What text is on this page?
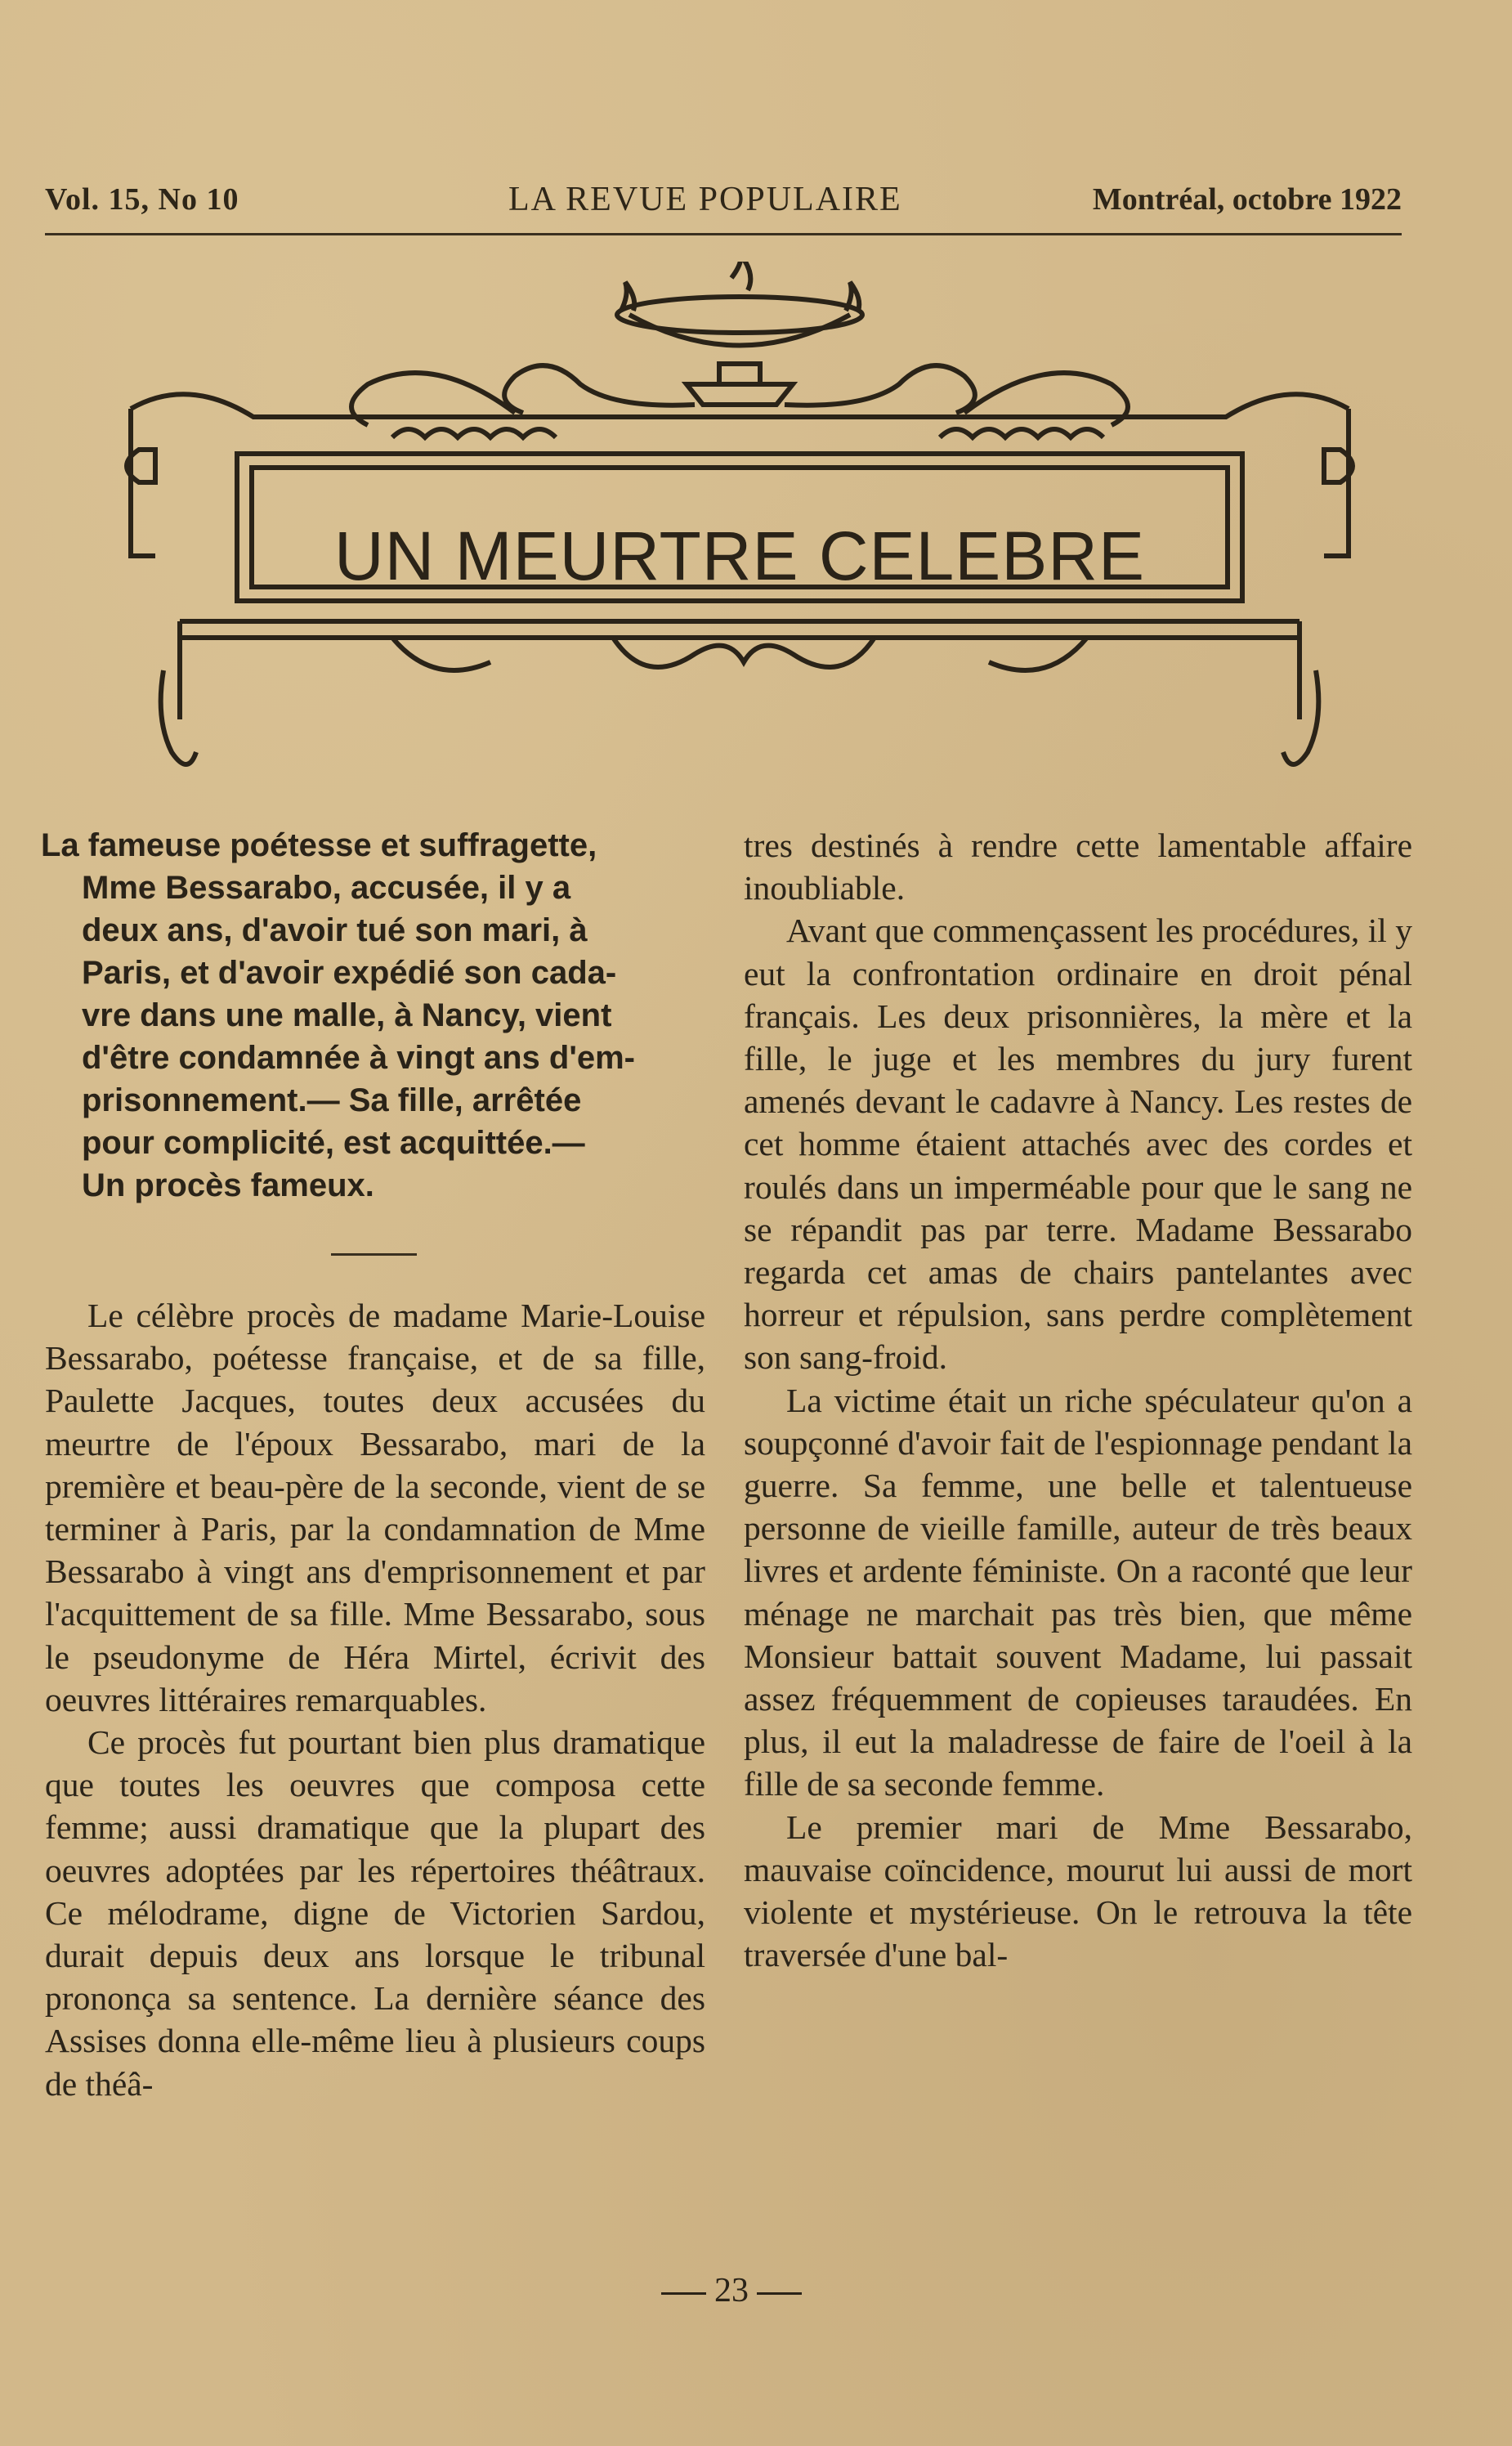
Vol. 15, No 10	LA REVUE POPULAIRE	Montréal, octobre 1922
UN MEURTRE CELEBRE
La fameuse poétesse et suffragette,
Mme Bessarabo, accusée, il y a
deux ans, d'avoir tué son mari, à
Paris, et d'avoir expédié son cada-
vre dans une malle, à Nancy, vient
d'être condamnée à vingt ans d'em-
prisonnement.— Sa fille, arrêtée
pour complicité, est acquittée.—
Un procès fameux.

Le célèbre procès de madame Marie-Louise Bessarabo, poétesse française, et de sa fille, Paulette Jacques, toutes deux accusées du meurtre de l'époux Bessarabo, mari de la première et beau-père de la seconde, vient de se terminer à Paris, par la condamnation de Mme Bessarabo à vingt ans d'emprisonnement et par l'acquittement de sa fille. Mme Bessarabo, sous le pseudonyme de Héra Mirtel, écrivit des oeuvres littéraires remarquables.

Ce procès fut pourtant bien plus dramatique que toutes les oeuvres que composa cette femme; aussi dramatique que la plupart des oeuvres adoptées par les répertoires théâtraux. Ce mélodrame, digne de Victorien Sardou, durait depuis deux ans lorsque le tribunal prononça sa sentence. La dernière séance des Assises donna elle-même lieu à plusieurs coups de théâ-

tres destinés à rendre cette lamentable affaire inoubliable.

Avant que commençassent les procédures, il y eut la confrontation ordinaire en droit pénal français. Les deux prisonnières, la mère et la fille, le juge et les membres du jury furent amenés devant le cadavre à Nancy. Les restes de cet homme étaient attachés avec des cordes et roulés dans un imperméable pour que le sang ne se répandit pas par terre. Madame Bessarabo regarda cet amas de chairs pantelantes avec horreur et répulsion, sans perdre complètement son sang-froid.

La victime était un riche spéculateur qu'on a soupçonné d'avoir fait de l'espionnage pendant la guerre. Sa femme, une belle et talentueuse personne de vieille famille, auteur de très beaux livres et ardente féministe. On a raconté que leur ménage ne marchait pas très bien, que même Monsieur battait souvent Madame, lui passait assez fréquemment de copieuses taraudées. En plus, il eut la maladresse de faire de l'oeil à la fille de sa seconde femme.

Le premier mari de Mme Bessarabo, mauvaise coïncidence, mourut lui aussi de mort violente et mystérieuse. On le retrouva la tête traversée d'une bal-

23
